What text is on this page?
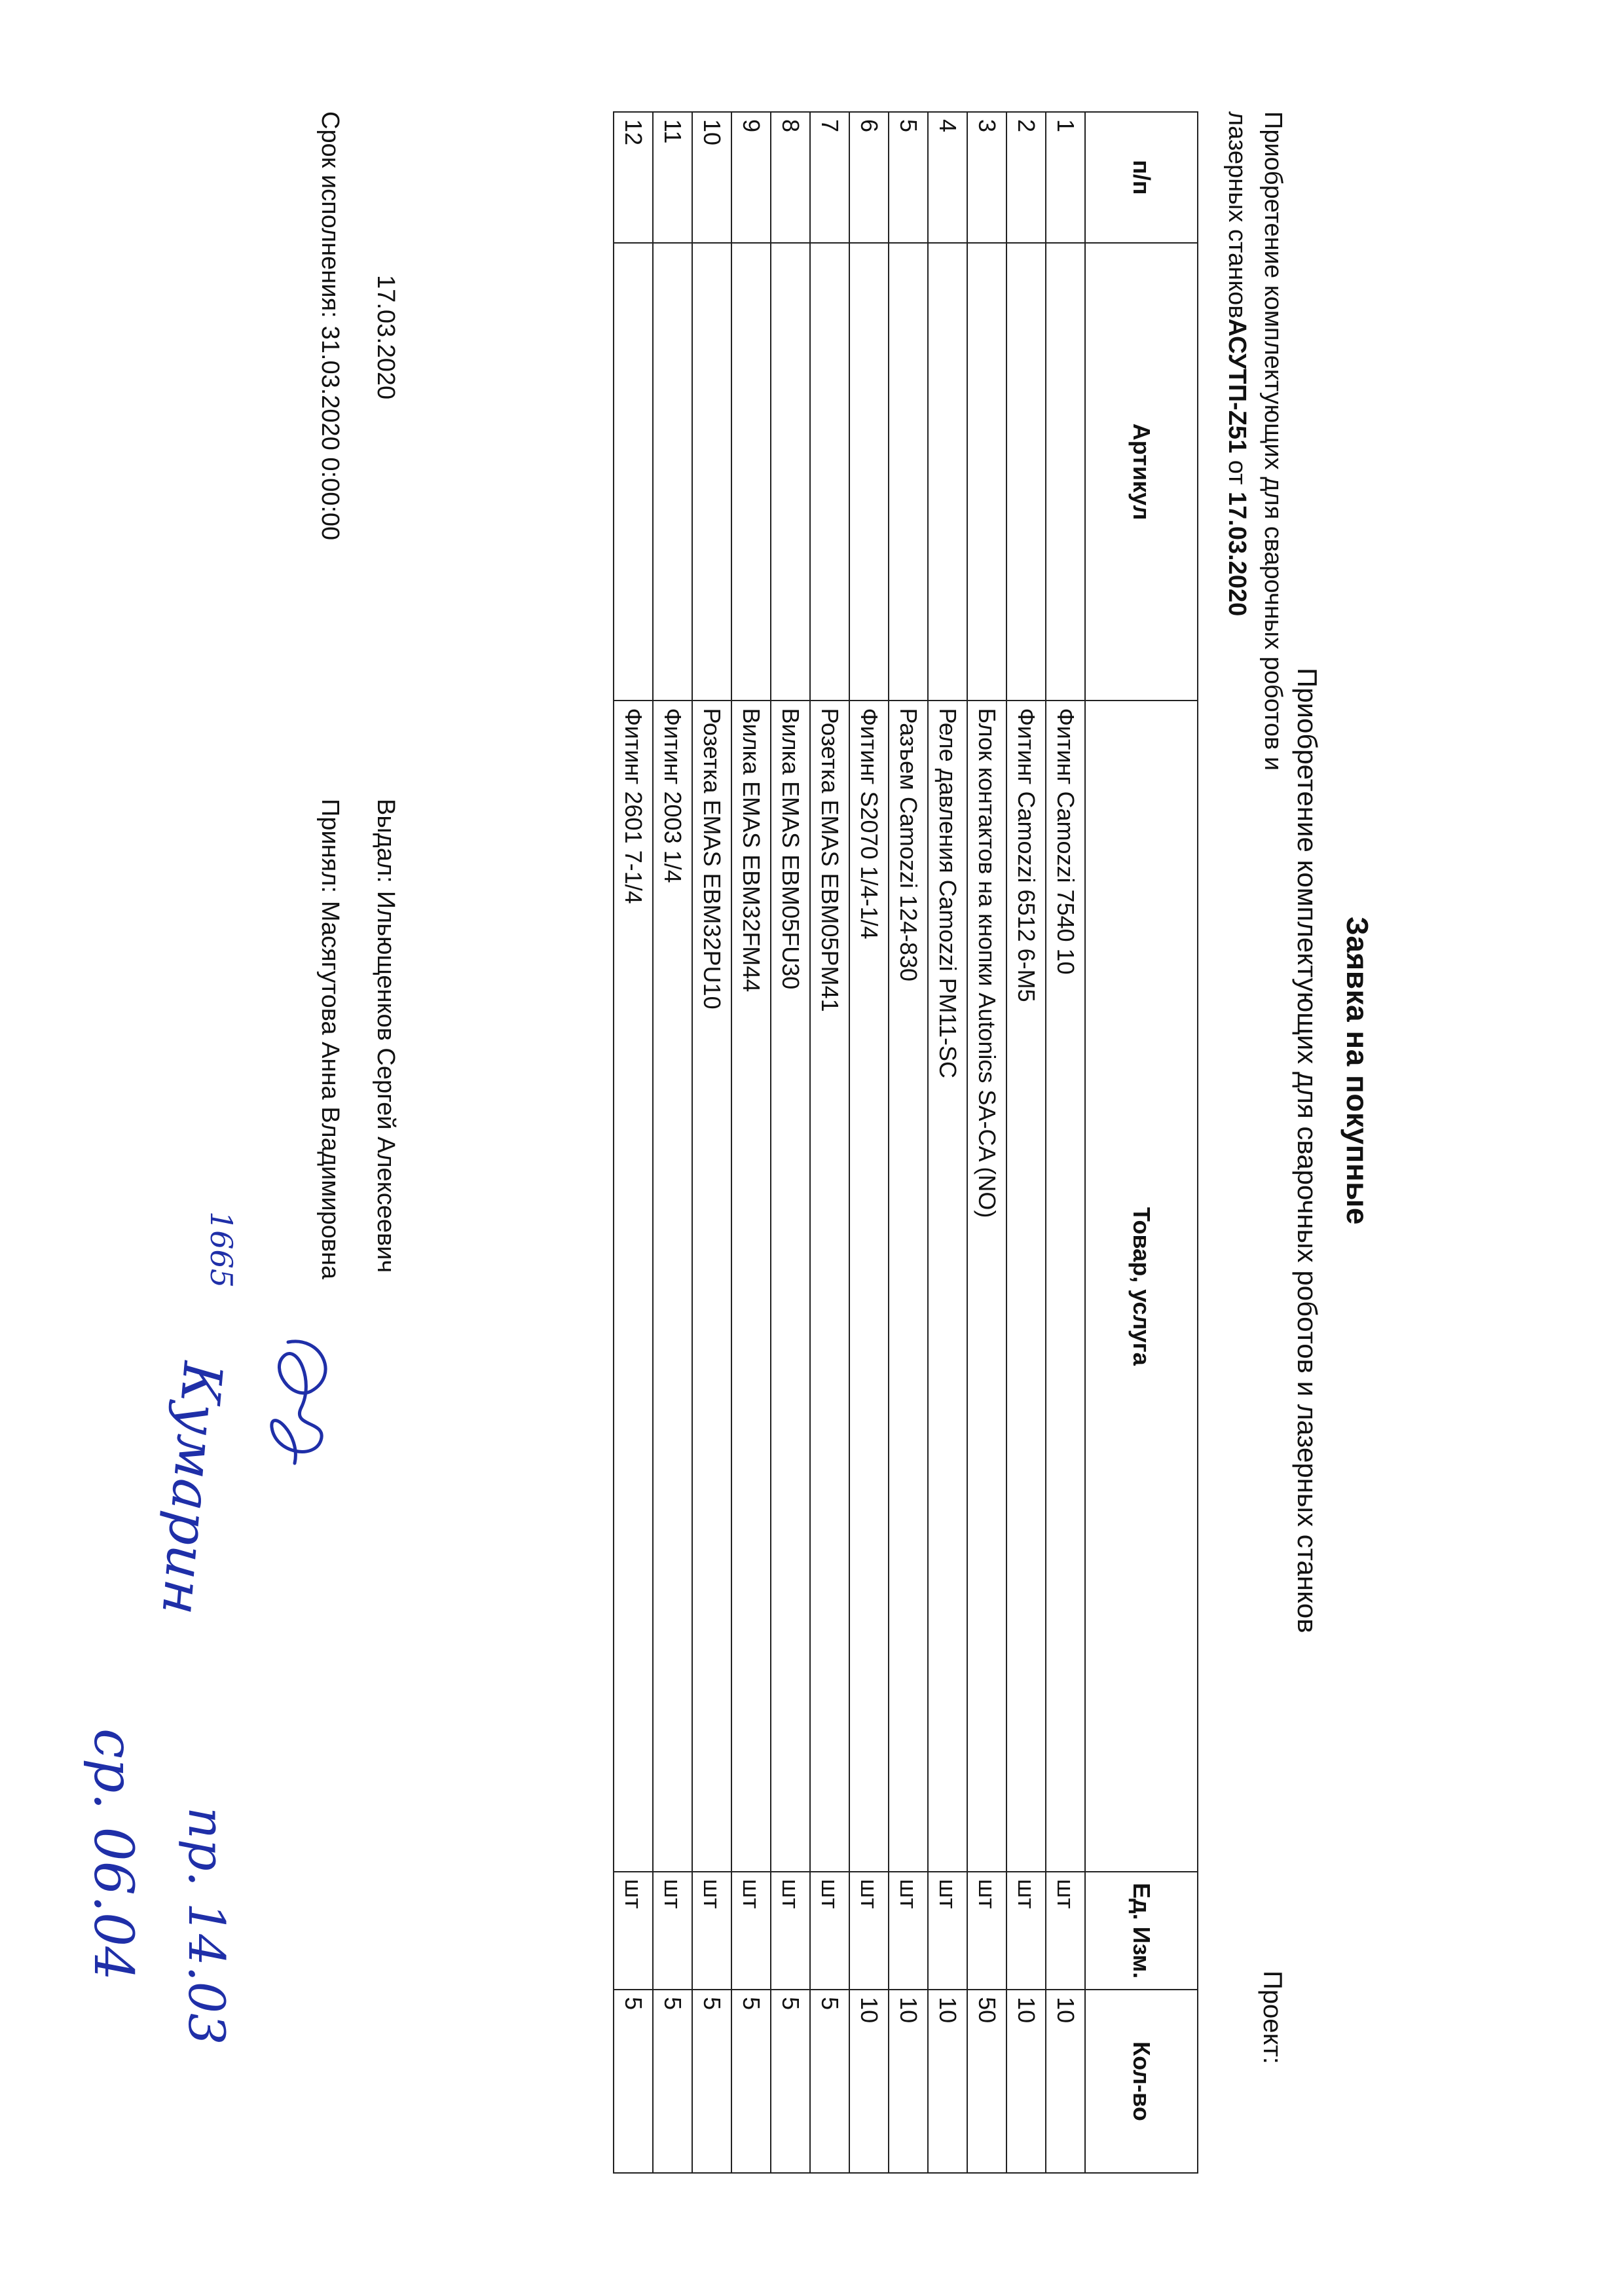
Заявка на покупные
Приобретение комплектующих для сварочных роботов и лазерных станков
Проект:
Приобретение комплектующих для сварочных роботов и
лазерных станковАСУТП-Z51 от 17.03.2020
п/п	Артикул	Товар, услуга	Ед. Изм.	Кол-во
1		Фитинг Camozzi 7540 10	шт	10
2		Фитинг Camozzi 6512 6-M5	шт	10
3		Блок контактов на кнопки Autonics SA-CA (NO)	шт	50
4		Реле давления Camozzi PM11-SC	шт	10
5		Разъем Camozzi 124-830	шт	10
6		Фитинг S2070 1/4-1/4	шт	10
7		Розетка EMAS EBM05PM41	шт	5
8		Вилка EMAS EBM05FU30	шт	5
9		Вилка EMAS EBM32FM44	шт	5
10		Розетка EMAS EBM32PU10	шт	5
11		Фитинг 2003 1/4	шт	5
12		Фитинг 2601 7-1/4	шт	5
17.03.2020
Выдал:Ильющенков Сергей Алексеевич
Срок исполнения:31.03.2020 0:00:00
Принял:Масягутова Анна Владимировна
1665
Кумарин
пр. 14.03
ср. 06.04
